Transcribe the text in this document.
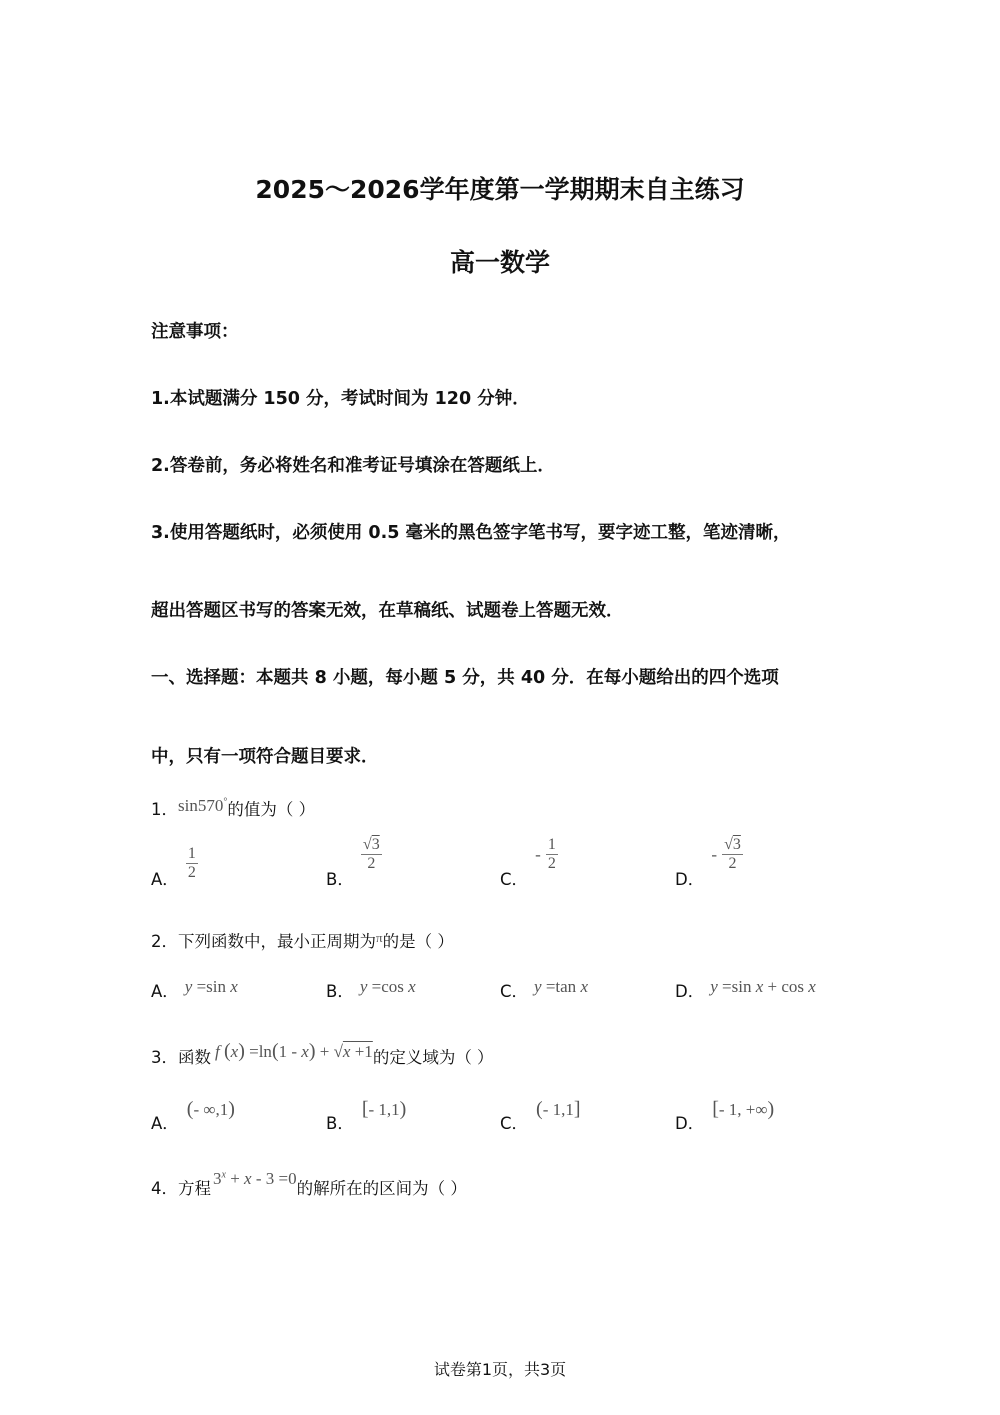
2025～2026学年度第一学期期末自主练习
高一数学
注意事项：
1.本试题满分 150 分，考试时间为 120 分钟．
2.答卷前，务必将姓名和准考证号填涂在答题纸上．
3.使用答题纸时，必须使用 0.5 毫米的黑色签字笔书写，要字迹工整，笔迹清晰，
超出答题区书写的答案无效，在草稿纸、试题卷上答题无效．
一、选择题：本题共 8 小题，每小题 5 分，共 40 分．在每小题给出的四个选项
中，只有一项符合题目要求．
1．sin570°的值为（ ）
A． $\frac{1}{2}$	B．
$\frac{√3}{2}$
C． - $\frac{1}{2}$
D． - $\frac{√3}{2}$
2．下列函数中，最小正周期为$^\pi$的是（ ）
A． y =sin x	B． y =cos x	C． y =tan x	D． y =sin x + cos x
3．函数 f (x) =ln(1 - x) + √x +1的定义域为（ ）
A．(- ∞,1)
B．[- 1,1)
C．(- 1,1]
D．[- 1, +∞)
4．方程$3^x + x - 3 =0$的解所在的区间为（ ）
试卷第1页，共3页
